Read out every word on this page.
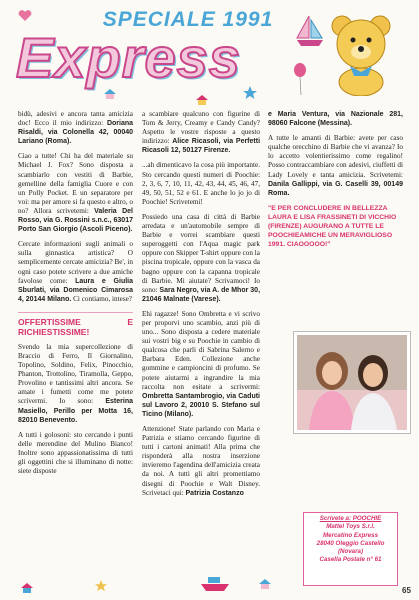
SPECIALE 1991
Express

bidù, adesivi e ancora tanta amicizia doc! Ecco il mio indirizzo: Doriana Risaldi, via Colonella 42, 00040 Lariano (Roma).

Ciao a tutte! Chi ha del materiale su Michael J. Fox? Sono disposta a scambiarlo con vestiti di Barbie, gemelline della famiglia Cuore e con un Polly Pocket. E un separatore per voi: ma per amore si fa questo e altro, o no? Allora scrivetemi: Valeria Del Rosso, via G. Rossini s.n.c., 63017 Porto San Giorgio (Ascoli Piceno).

Cercate informazioni sugli animali o sulla ginnastica artistica? O semplicemente cercate amicizia? Be', in ogni caso potete scrivere a due amiche favolose come: Laura e Giulia Sburlati, via Domenico Cimarosa 4, 20144 Milano. Ci contiamo, intese?

OFFERTISSIME E RICHIESTISSIME!

Svendo la mia supercollezione di Braccio di Ferro, Il Giornalino, Topolino, Soldino, Felix, Pinocchio, Phanton, Trottolino, Tiramolla, Geppo, Provolino e tantissimi altri ancora. Se amate i fumetti come me potete scrivermi. Io sono: Esterina Masiello, Perillo per Motta 16, 82010 Benevento.

A tutti i golosoni: sto cercando i punti delle merendine del Mulino Bianco! Inoltre sono appassionatissima di tutti gli oggettini che si illuminano di notte: siete disposte

a scambiare qualcuno con figurine di Tom & Jerry, Creamy e Candy Candy? Aspetto le vostre risposte a questo indirizzo: Alice Ricasoli, via Perfetti Ricasoli 12, 50127 Firenze.

...ah dimenticavo la cosa più importante. Sto cercando questi numeri di Poochie: 2, 3, 6, 7, 10, 11, 42, 43, 44, 45, 46, 47, 49, 50, 51, 52 e 61. E anche lo jo jo di Poochie! Scrivetemi!

Possiedo una casa di città di Barbie arredata e un'automobile sempre di Barbie e vorrei scambiare questi superoggetti con l'Aqua magic park oppure con Skipper T-shirt oppure con la piscina tropicale, oppure con la vasca da bagno oppure con la capanna tropicale di Barbie. Mi aiutate? Scrivamoci! Io sono: Sara Negro, via A. de Mhor 30, 21046 Malnate (Varese).

Ehi ragazze! Sono Ombretta e vi scrivo per proporvi uno scambio, anzi più di uno... Sono disposta a cedere materiale sui vostri big e su Poochie in cambio di qualcosa che parli di Sabrina Salerno e Barbara Eden. Collezione anche gommine e campioncini di profumo. Se potete aiutarmi a ingrandire la mia raccolta non esitate a scrivermi: Ombretta Santambrogio, via Caduti sul Lavoro 2, 20010 S. Stefano sul Ticino (Milano).

Attenzione! State parlando con Maria e Patrizia e stiamo cercando figurine di tutti i cartoni animati! Alla prima che risponderà alla nostra inserzione invieremo l'agendina dell'amicizia creata da noi. A tutti gli altri promettiamo disegni di Poochie e Walt Disney. Scrivetaci qui: Patrizia Costanzo

e Maria Ventura, via Nazionale 281, 98060 Falcone (Messina).

A tutte le amanti di Barbie: avete per caso qualche orecchino di Barbie che vi avanza? Io lo accetto volentierissimo come regalino! Posso contraccambiare con adesivi, ciuffetti di Lady Lovely e tanta amicizia. Scrivetemi: Danila Gallippi, via G. Caselli 39, 00149 Roma.

"E PER CONCLUDERE IN BELLEZZA LAURA E LISA FRASSINETI DI VICCHIO (FIRENZE) AUGURANO A TUTTE LE POOCHIEAMICHE UN MERAVIGLIOSO 1991. CIAOOOOO!"
Scrivete a: POOCHIE
Mattel Toys S.r.l.
Mercatino Express
28040 Oleggio Castello
(Novara)
Casella Postale n° 61
65
